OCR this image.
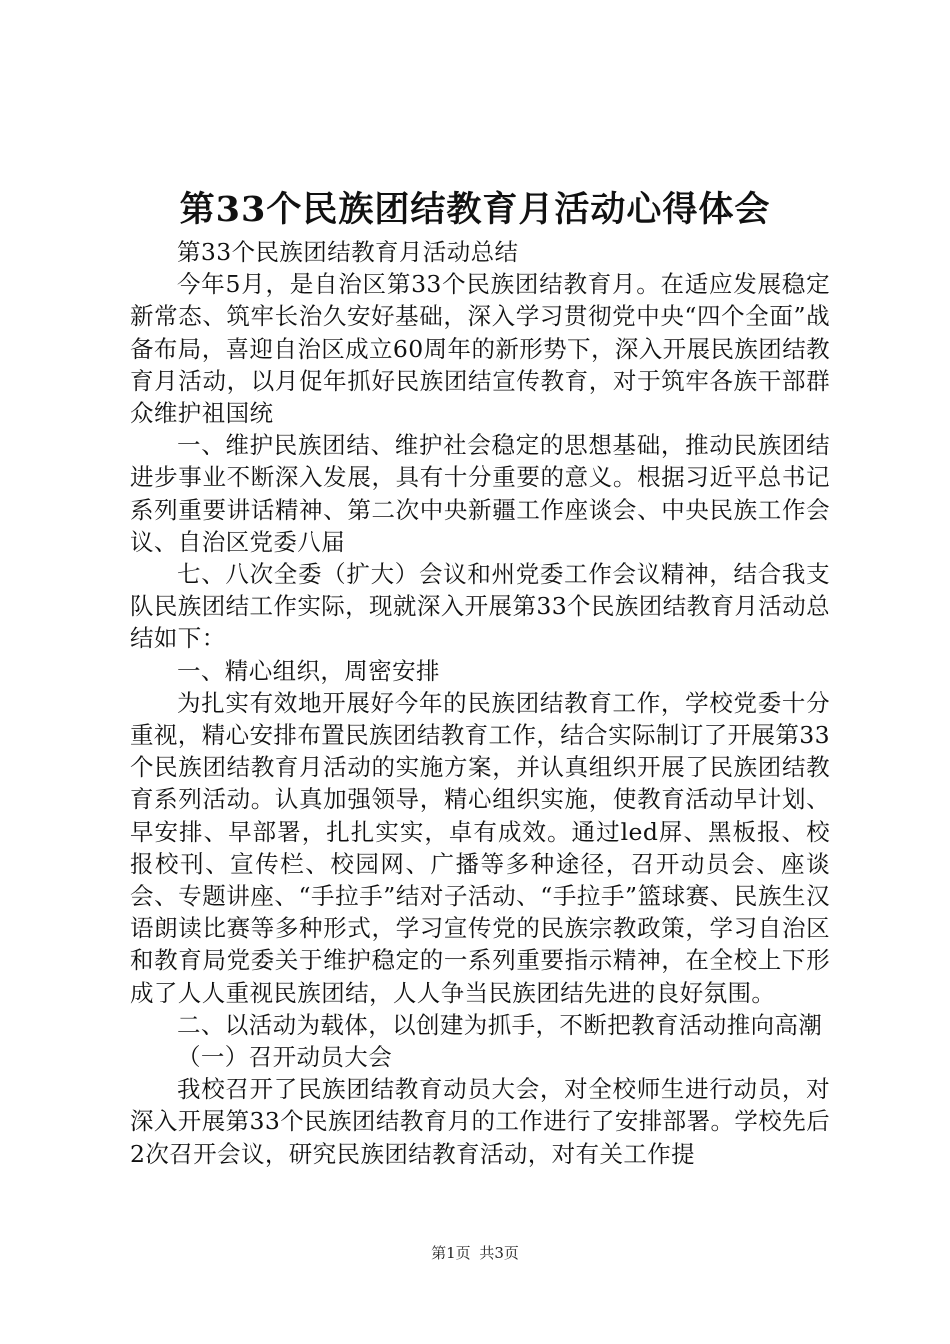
第33个民族团结教育月活动心得体会

第33个民族团结教育月活动总结

今年5月，是自治区第33个民族团结教育月。在适应发展稳定新常态、筑牢长治久安好基础，深入学习贯彻党中央“四个全面”战备布局，喜迎自治区成立60周年的新形势下，深入开展民族团结教育月活动，以月促年抓好民族团结宣传教育，对于筑牢各族干部群众维护祖国统

一、维护民族团结、维护社会稳定的思想基础，推动民族团结进步事业不断深入发展，具有十分重要的意义。根据习近平总书记系列重要讲话精神、第二次中央新疆工作座谈会、中央民族工作会议、自治区党委八届

七、八次全委（扩大）会议和州党委工作会议精神，结合我支队民族团结工作实际，现就深入开展第33个民族团结教育月活动总结如下：

一、精心组织，周密安排

为扎实有效地开展好今年的民族团结教育工作，学校党委十分重视，精心安排布置民族团结教育工作，结合实际制订了开展第33个民族团结教育月活动的实施方案，并认真组织开展了民族团结教育系列活动。认真加强领导，精心组织实施，使教育活动早计划、早安排、早部署，扎扎实实，卓有成效。通过led屏、黑板报、校报校刊、宣传栏、校园网、广播等多种途径，召开动员会、座谈会、专题讲座、“手拉手”结对子活动、“手拉手”篮球赛、民族生汉语朗读比赛等多种形式，学习宣传党的民族宗教政策，学习自治区和教育局党委关于维护稳定的一系列重要指示精神，在全校上下形成了人人重视民族团结，人人争当民族团结先进的良好氛围。

二、以活动为载体，以创建为抓手，不断把教育活动推向高潮

（一）召开动员大会

我校召开了民族团结教育动员大会，对全校师生进行动员，对深入开展第33个民族团结教育月的工作进行了安排部署。学校先后2次召开会议，研究民族团结教育活动，对有关工作提

第1页 共3页
